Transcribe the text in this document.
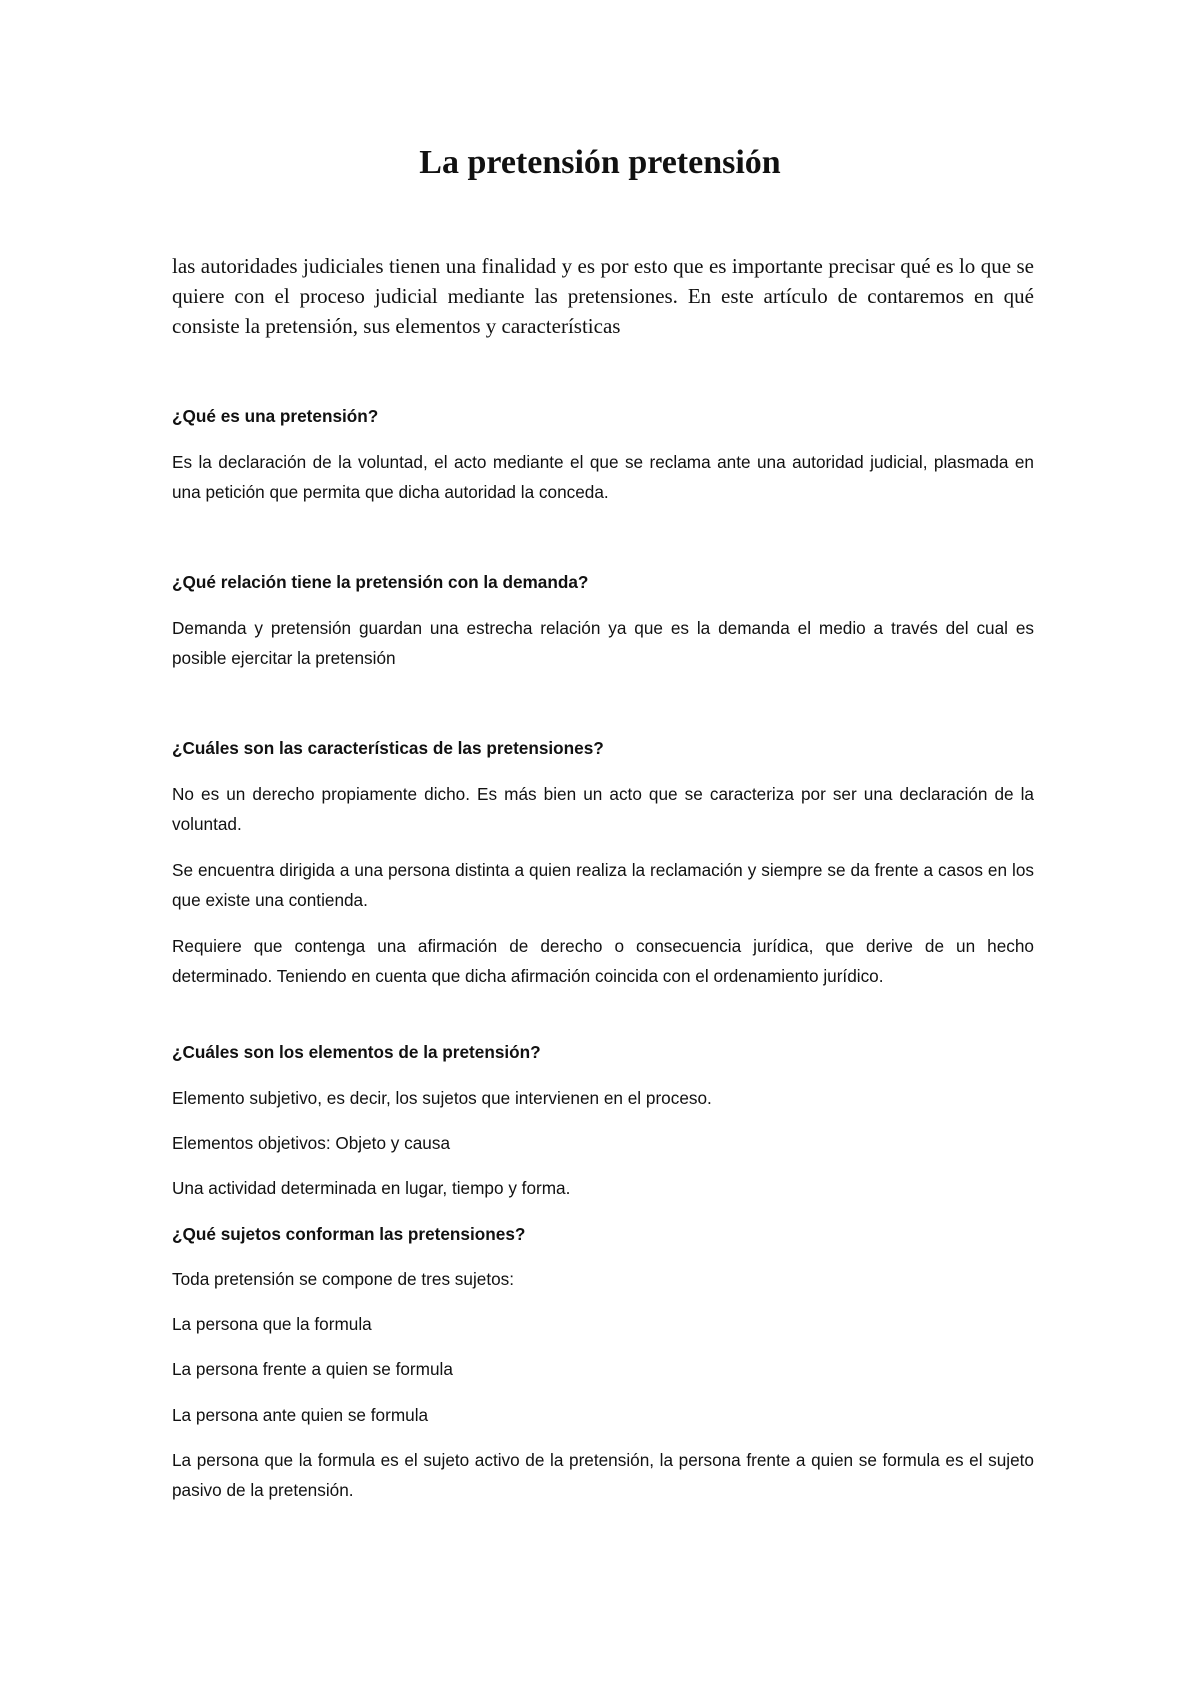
La pretensión pretensión

las autoridades judiciales tienen una finalidad y es por esto que es importante precisar qué es lo que se quiere con el proceso judicial mediante las pretensiones. En este artículo de contaremos en qué consiste la pretensión, sus elementos y características

¿Qué es una pretensión?

Es la declaración de la voluntad, el acto mediante el que se reclama ante una autoridad judicial, plasmada en una petición que permita que dicha autoridad la conceda.

¿Qué relación tiene la pretensión con la demanda?

Demanda y pretensión guardan una estrecha relación ya que es la demanda el medio a través del cual es posible ejercitar la pretensión

¿Cuáles son las características de las pretensiones?

No es un derecho propiamente dicho. Es más bien un acto que se caracteriza por ser una declaración de la voluntad.

Se encuentra dirigida a una persona distinta a quien realiza la reclamación y siempre se da frente a casos en los que existe una contienda.

Requiere que contenga una afirmación de derecho o consecuencia jurídica, que derive de un hecho determinado. Teniendo en cuenta que dicha afirmación coincida con el ordenamiento jurídico.

¿Cuáles son los elementos de la pretensión?

Elemento subjetivo, es decir, los sujetos que intervienen en el proceso.

Elementos objetivos: Objeto y causa

Una actividad determinada en lugar, tiempo y forma.

¿Qué sujetos conforman las pretensiones?

Toda pretensión se compone de tres sujetos:

La persona que la formula

La persona frente a quien se formula

La persona ante quien se formula

La persona que la formula es el sujeto activo de la pretensión, la persona frente a quien se formula es el sujeto pasivo de la pretensión.
